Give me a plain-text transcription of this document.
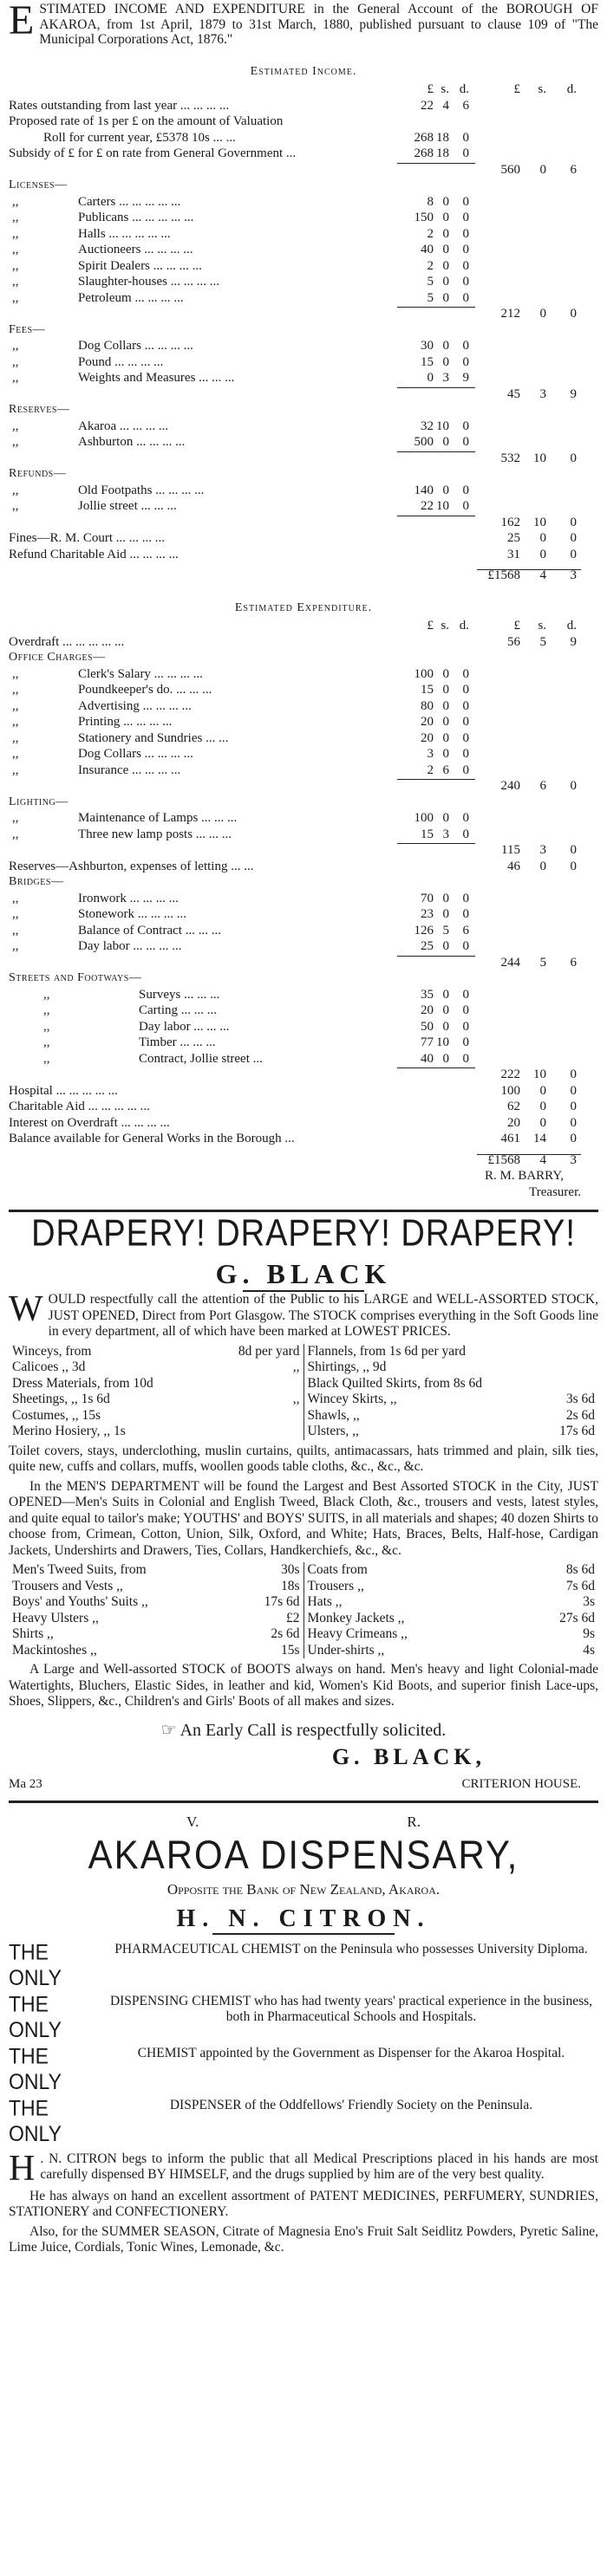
ESTIMATED INCOME AND EXPENDITURE in the General Account of the BOROUGH OF AKAROA, from 1st April, 1879 to 31st March, 1880, published pursuant to clause 109 of "The Municipal Corporations Act, 1876."
Estimated Income.
£ s. d.	£	s.	d.
Rates outstanding from last year ... ... ... ...	22 4	6
Proposed rate of 1s per £ on the amount of Valuation
Roll for current year, £5378 10s ... ...	268 18	0
Subsidy of £ for £ on rate from General Government ...	268 18	0
560	0	6
Licenses—
,,	Carters ... ... ... ... ...	8 0	0
,,	Publicans ... ... ... ... ...	150 0	0
,,	Halls ... ... ... ... ...	2 0	0
,,	Auctioneers ... ... ... ...	40 0	0
,,	Spirit Dealers ... ... ... ...	2 0	0
,,	Slaughter-houses ... ... ... ...	5 0	0
,,	Petroleum ... ... ... ...	5 0	0
212	0	0
Fees—
,,	Dog Collars ... ... ... ...	30 0	0
,,	Pound ... ... ... ...	15 0	0
,,	Weights and Measures ... ... ...	0 3	9
45	3	9
Reserves—
,,	Akaroa ... ... ... ...	32 10	0
,,	Ashburton ... ... ... ...	500 0	0
532	10	0
Refunds—
,,	Old Footpaths ... ... ... ...	140 0	0
,,	Jollie street ... ... ...	22 10	0
162	10	0
Fines—R. M. Court ... ... ... ...	25	0	0
Refund Charitable Aid ... ... ... ...	31	0	0
£1568	4	3
Estimated Expenditure.
£ s. d.	£	s.	d.
Overdraft ... ... ... ... ...	56	5	9
Office Charges—
,,	Clerk's Salary ... ... ... ...	100 0	0
,,	Poundkeeper's do. ... ... ...	15 0	0
,,	Advertising ... ... ... ...	80 0	0
,,	Printing ... ... ... ...	20 0	0
,,	Stationery and Sundries ... ...	20 0	0
,,	Dog Collars ... ... ... ...	3 0	0
,,	Insurance ... ... ... ...	2 6	0
240	6	0
Lighting—
,,	Maintenance of Lamps ... ... ...	100 0	0
,,	Three new lamp posts ... ... ...	15 3	0
115	3	0
Reserves—Ashburton, expenses of letting ... ...	46	0	0
Bridges—
,,	Ironwork ... ... ... ...	70 0	0
,,	Stonework ... ... ... ...	23 0	0
,,	Balance of Contract ... ... ...	126 5	6
,,	Day labor ... ... ... ...	25 0	0
244	5	6
Streets and Footways—
,,	Surveys ... ... ...	35 0	0
,,	Carting ... ... ...	20 0	0
,,	Day labor ... ... ...	50 0	0
,,	Timber ... ... ...	77 10	0
,,	Contract, Jollie street ...	40 0	0
222	10	0
Hospital ... ... ... ... ...	100	0	0
Charitable Aid ... ... ... ... ...	62	0	0
Interest on Overdraft ... ... ... ...	20	0	0
Balance available for General Works in the Borough ...	461	14	0
£1568	4	3
R. M. BARRY,
Treasurer.
DRAPERY! DRAPERY! DRAPERY!
G. BLACK
WOULD respectfully call the attention of the Public to his LARGE and WELL-ASSORTED STOCK, JUST OPENED, Direct from Port Glasgow. The STOCK comprises everything in the Soft Goods line in every department, all of which have been marked at LOWEST PRICES.
Winceys, from	8d per yard
Calicoes ,, 3d	,,
Dress Materials, from 10d
Sheetings, ,, 1s 6d	,,
Costumes, ,, 15s
Merino Hosiery, ,, 1s
Flannels, from 1s 6d per yard
Shirtings, ,, 9d
Black Quilted Skirts, from 8s 6d
Wincey Skirts, ,,	3s 6d
Shawls, ,,	2s 6d
Ulsters, ,,	17s 6d
Toilet covers, stays, underclothing, muslin curtains, quilts, antimacassars, hats trimmed and plain, silk ties, quite new, cuffs and collars, muffs, woollen goods table cloths, &c., &c., &c.
In the MEN'S DEPARTMENT will be found the Largest and Best Assorted STOCK in the City, JUST OPENED—Men's Suits in Colonial and English Tweed, Black Cloth, &c., trousers and vests, latest styles, and quite equal to tailor's make; YOUTHS' and BOYS' SUITS, in all materials and shapes; 40 dozen Shirts to choose from, Crimean, Cotton, Union, Silk, Oxford, and White; Hats, Braces, Belts, Half-hose, Cardigan Jackets, Undershirts and Drawers, Ties, Collars, Handkerchiefs, &c., &c.
Men's Tweed Suits, from	30s
Trousers and Vests ,,	18s
Boys' and Youths' Suits ,,	17s 6d
Heavy Ulsters ,,	£2
Shirts ,,	2s 6d
Mackintoshes ,,	15s
Coats from	8s 6d
Trousers ,,	7s 6d
Hats ,,	3s
Monkey Jackets ,,	27s 6d
Heavy Crimeans ,,	9s
Under-shirts ,,	4s
A Large and Well-assorted STOCK of BOOTS always on hand. Men's heavy and light Colonial-made Watertights, Bluchers, Elastic Sides, in leather and kid, Women's Kid Boots, and superior finish Lace-ups, Shoes, Slippers, &c., Children's and Girls' Boots of all makes and sizes.
☞ An Early Call is respectfully solicited.
G. BLACK,
Ma 23	CRITERION HOUSE.
V.	R.
AKAROA DISPENSARY,
Opposite the Bank of New Zealand, Akaroa.
H. N. CITRON.
THE ONLY
PHARMACEUTICAL CHEMIST on the Peninsula who possesses University Diploma.
THE ONLY
DISPENSING CHEMIST who has had twenty years' practical experience in the business, both in Pharmaceutical Schools and Hospitals.
THE ONLY
CHEMIST appointed by the Government as Dispenser for the Akaroa Hospital.
THE ONLY
DISPENSER of the Oddfellows' Friendly Society on the Peninsula.
H . N. CITRON begs to inform the public that all Medical Prescriptions placed in his hands are most carefully dispensed BY HIMSELF, and the drugs supplied by him are of the very best quality.
He has always on hand an excellent assortment of PATENT MEDICINES, PERFUMERY, SUNDRIES, STATIONERY and CONFECTIONERY.
Also, for the SUMMER SEASON, Citrate of Magnesia Eno's Fruit Salt Seidlitz Powders, Pyretic Saline, Lime Juice, Cordials, Tonic Wines, Lemonade, &c.
